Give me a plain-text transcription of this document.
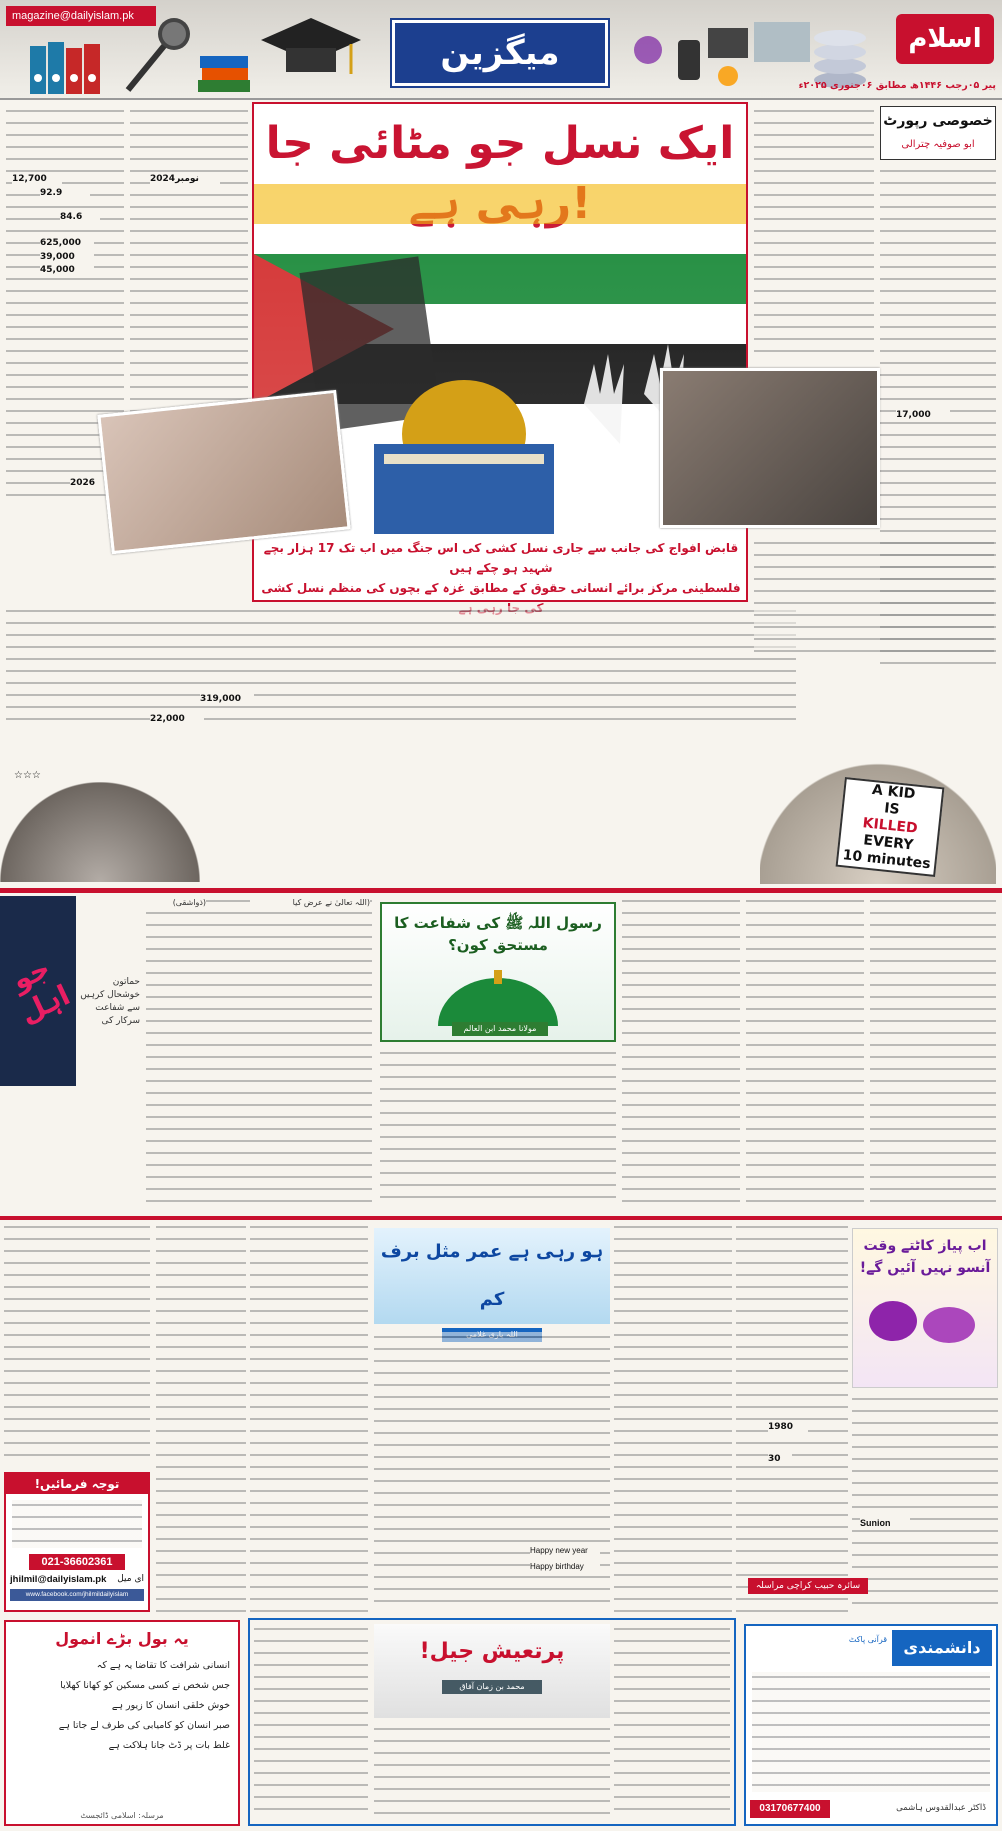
magazine@dailyislam.pk
میگزین	اسلام
پیر ۰۵رجب ۱۴۴۶ھ مطابق ۰۶جنوری ۲۰۲۵ء
12,700	نومبر2024
92.9
84.6
625,000
39,000
45,000
2026
قابض افواج کی جانب سے جاری نسل کشی کی اس جنگ میں اب تک 17 ہزار بچے شہید ہو چکے ہیں
فلسطینی مرکز برائے انسانی حقوق کے مطابق غزہ کے بچوں کی منظم نسل کشی
خصوصی رپورٹ
ابو صوفیہ چترالی
17,000
319,000
22,000
☆☆☆
A KID
IS
KILLED
EVERY
10 minutes
جو اہل	حماتون خوشحال کرہیں سے شفاعت سرکار کی
(اللہ تعالیٰ نے عرض کیا
(ذواشقی)
رسول اللہ ﷺ کی شفاعت کا مستحق کون؟
مولانا محمد ابن العالم
توجہ فرمائیں!
021-36602361
jhilmil@dailyislam.pk ای میل
www.facebook.com/jhilmildailyislam
یہ بول بڑے انمول
انسانی شرافت کا تقاضا یہ ہے کہ
جس شخص نے کسی مسکین کو کھانا کھلایا
خوش خلقی انسان کا زیور ہے
صبر انسان کو کامیابی کی طرف لے جاتا ہے
غلط بات پر ڈٹ جانا ہلاکت ہے
مرسلہ: اسلامی ڈائجسٹ
ہو رہی ہے عمر مثل برف کم
Happy new year
Happy birthday
اب پیاز کاٹتے وقت آنسو نہیں آئیں گے!
1980
30
Sunion
سائرہ حبیب کراچی مراسلہ
پرتعیش جیل!
محمد بن زمان آفاق
دانشمندی
قرآنی پاکٹ
03170677400	ڈاکٹر عبدالقدوس ہاشمی
